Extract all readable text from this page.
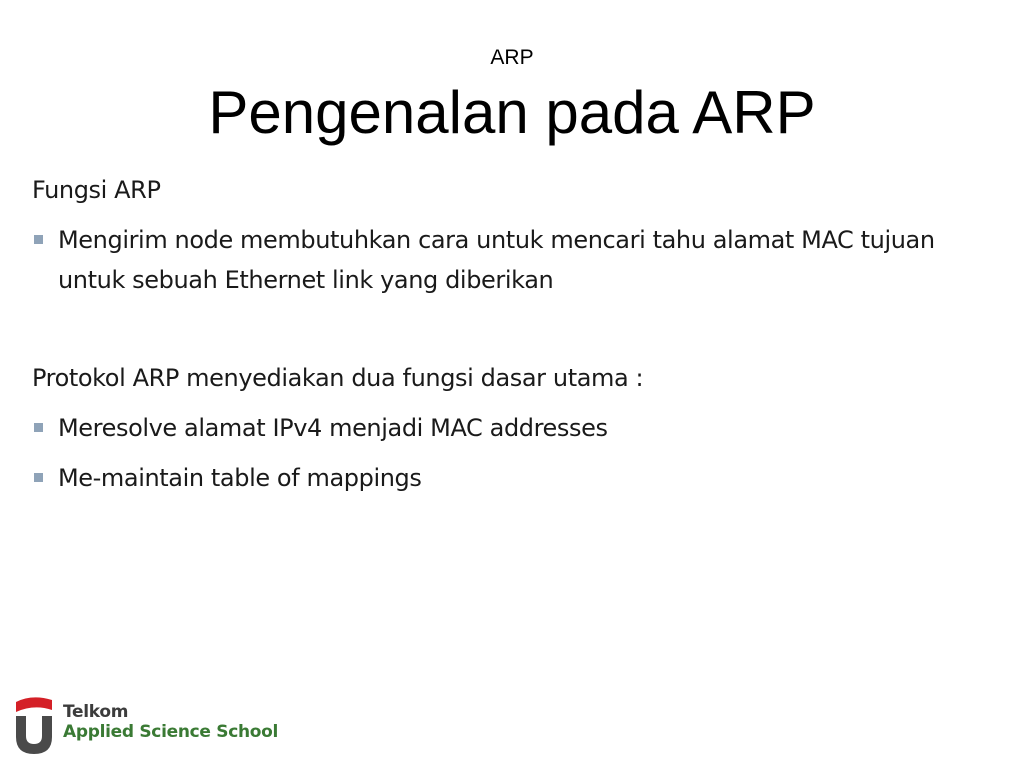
ARP
Pengenalan pada ARP

Fungsi ARP

Mengirim node membutuhkan cara untuk mencari tahu alamat MAC tujuan untuk sebuah Ethernet link yang diberikan

Protokol ARP menyediakan dua fungsi dasar utama :

Meresolve alamat IPv4 menjadi MAC addresses
Me-maintain table of mappings
Telkom
Applied Science School
